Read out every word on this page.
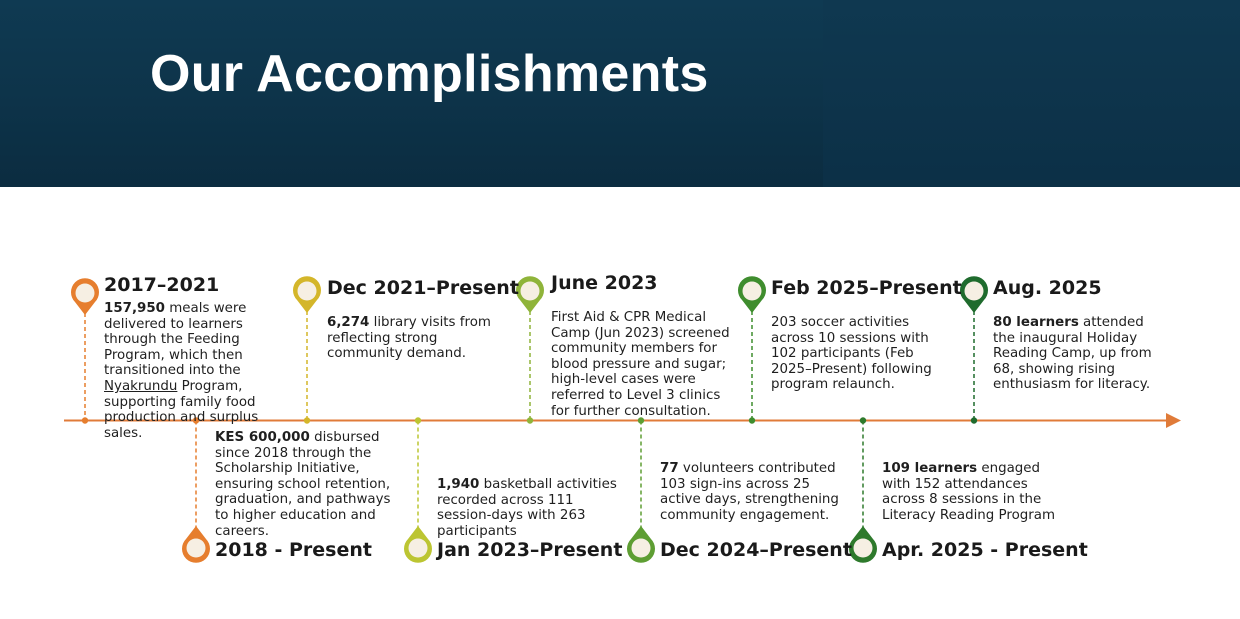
Our Accomplishments
2017–2021
157,950 meals were delivered to learners through the Feeding Program, which then transitioned into the Nyakrundu Program, supporting family food production and surplus sales.	KES 600,000 disbursed since 2018 through the Scholarship Initiative, ensuring school retention, graduation, and pathways to higher education and careers.
2018 - Present
Dec 2021–Present
6,274 library visits from reflecting strong community demand.
1,940 basketball activities recorded across 111 session-days with 263 participants
Jan 2023–Present
June 2023
First Aid & CPR Medical Camp (Jun 2023) screened community members for blood pressure and sugar; high-level cases were referred to Level 3 clinics for further consultation.
77 volunteers contributed 103 sign-ins across 25 active days, strengthening community engagement.
Dec 2024–Present
Feb 2025–Present
203 soccer activities across 10 sessions with 102 participants (Feb 2025–Present) following program relaunch.
109 learners engaged with 152 attendances across 8 sessions in the Literacy Reading Program
Apr. 2025 - Present
Aug. 2025
80 learners attended the inaugural Holiday Reading Camp, up from 68, showing rising enthusiasm for literacy.
